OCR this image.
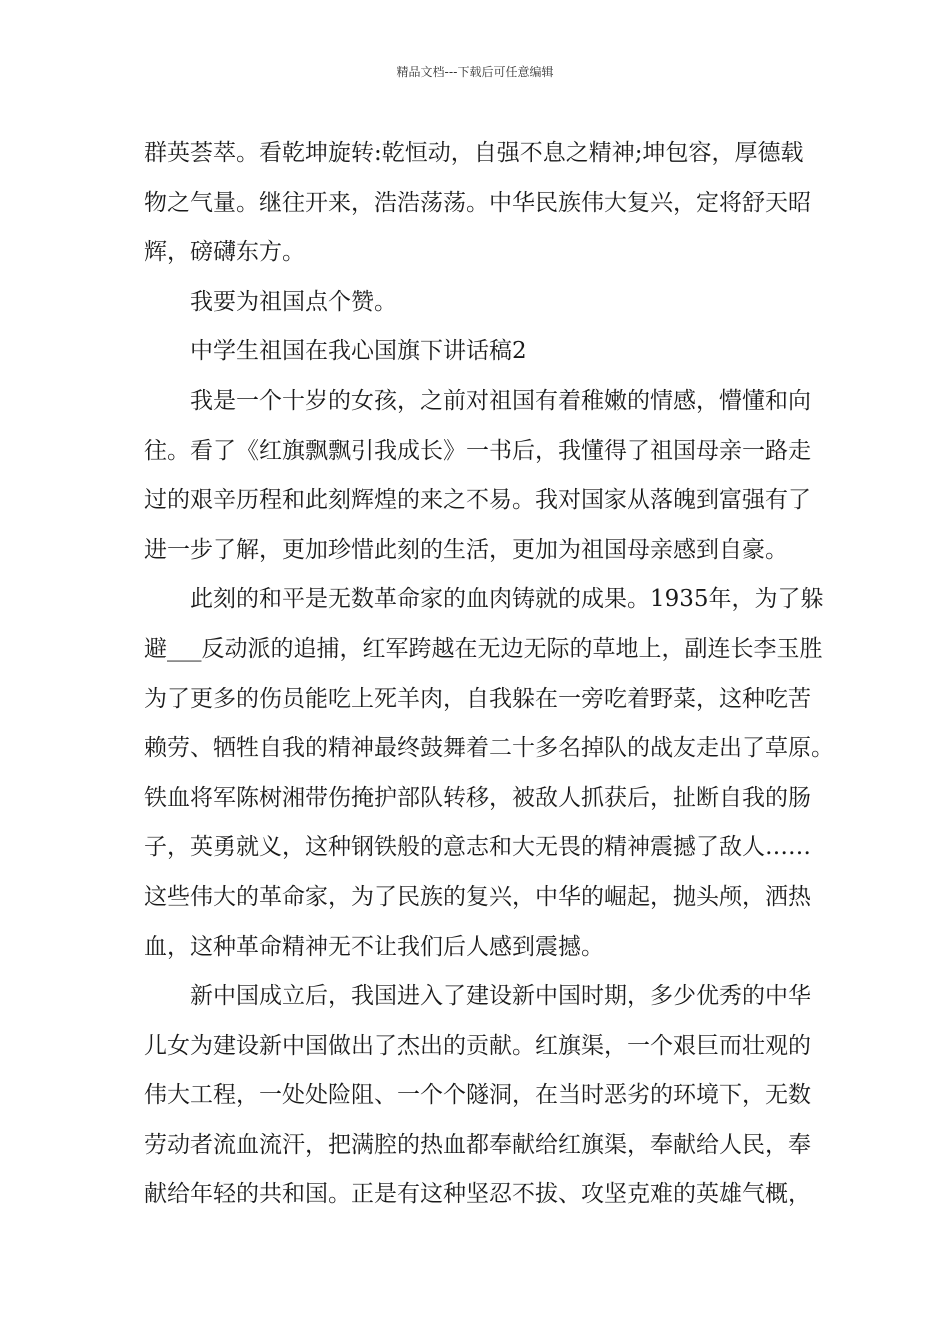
精品文档---下载后可任意编辑
群英荟萃。看乾坤旋转:乾恒动，自强不息之精神;坤包容，厚德载
物之气量。继往开来，浩浩荡荡。中华民族伟大复兴，定将舒天昭
辉，磅礴东方。
我要为祖国点个赞。
中学生祖国在我心国旗下讲话稿2
我是一个十岁的女孩，之前对祖国有着稚嫩的情感，懵懂和向
往。看了《红旗飘飘引我成长》一书后，我懂得了祖国母亲一路走
过的艰辛历程和此刻辉煌的来之不易。我对国家从落魄到富强有了
进一步了解，更加珍惜此刻的生活，更加为祖国母亲感到自豪。
此刻的和平是无数革命家的血肉铸就的成果。1935年，为了躲
避___反动派的追捕，红军跨越在无边无际的草地上，副连长李玉胜
为了更多的伤员能吃上死羊肉，自我躲在一旁吃着野菜，这种吃苦
赖劳、牺牲自我的精神最终鼓舞着二十多名掉队的战友走出了草原。
铁血将军陈树湘带伤掩护部队转移，被敌人抓获后，扯断自我的肠
子，英勇就义，这种钢铁般的意志和大无畏的精神震撼了敌人……
这些伟大的革命家，为了民族的复兴，中华的崛起，抛头颅，洒热
血，这种革命精神无不让我们后人感到震撼。
新中国成立后，我国进入了建设新中国时期，多少优秀的中华
儿女为建设新中国做出了杰出的贡献。红旗渠，一个艰巨而壮观的
伟大工程，一处处险阻、一个个隧洞，在当时恶劣的环境下，无数
劳动者流血流汗，把满腔的热血都奉献给红旗渠，奉献给人民，奉
献给年轻的共和国。正是有这种坚忍不拔、攻坚克难的英雄气概，
